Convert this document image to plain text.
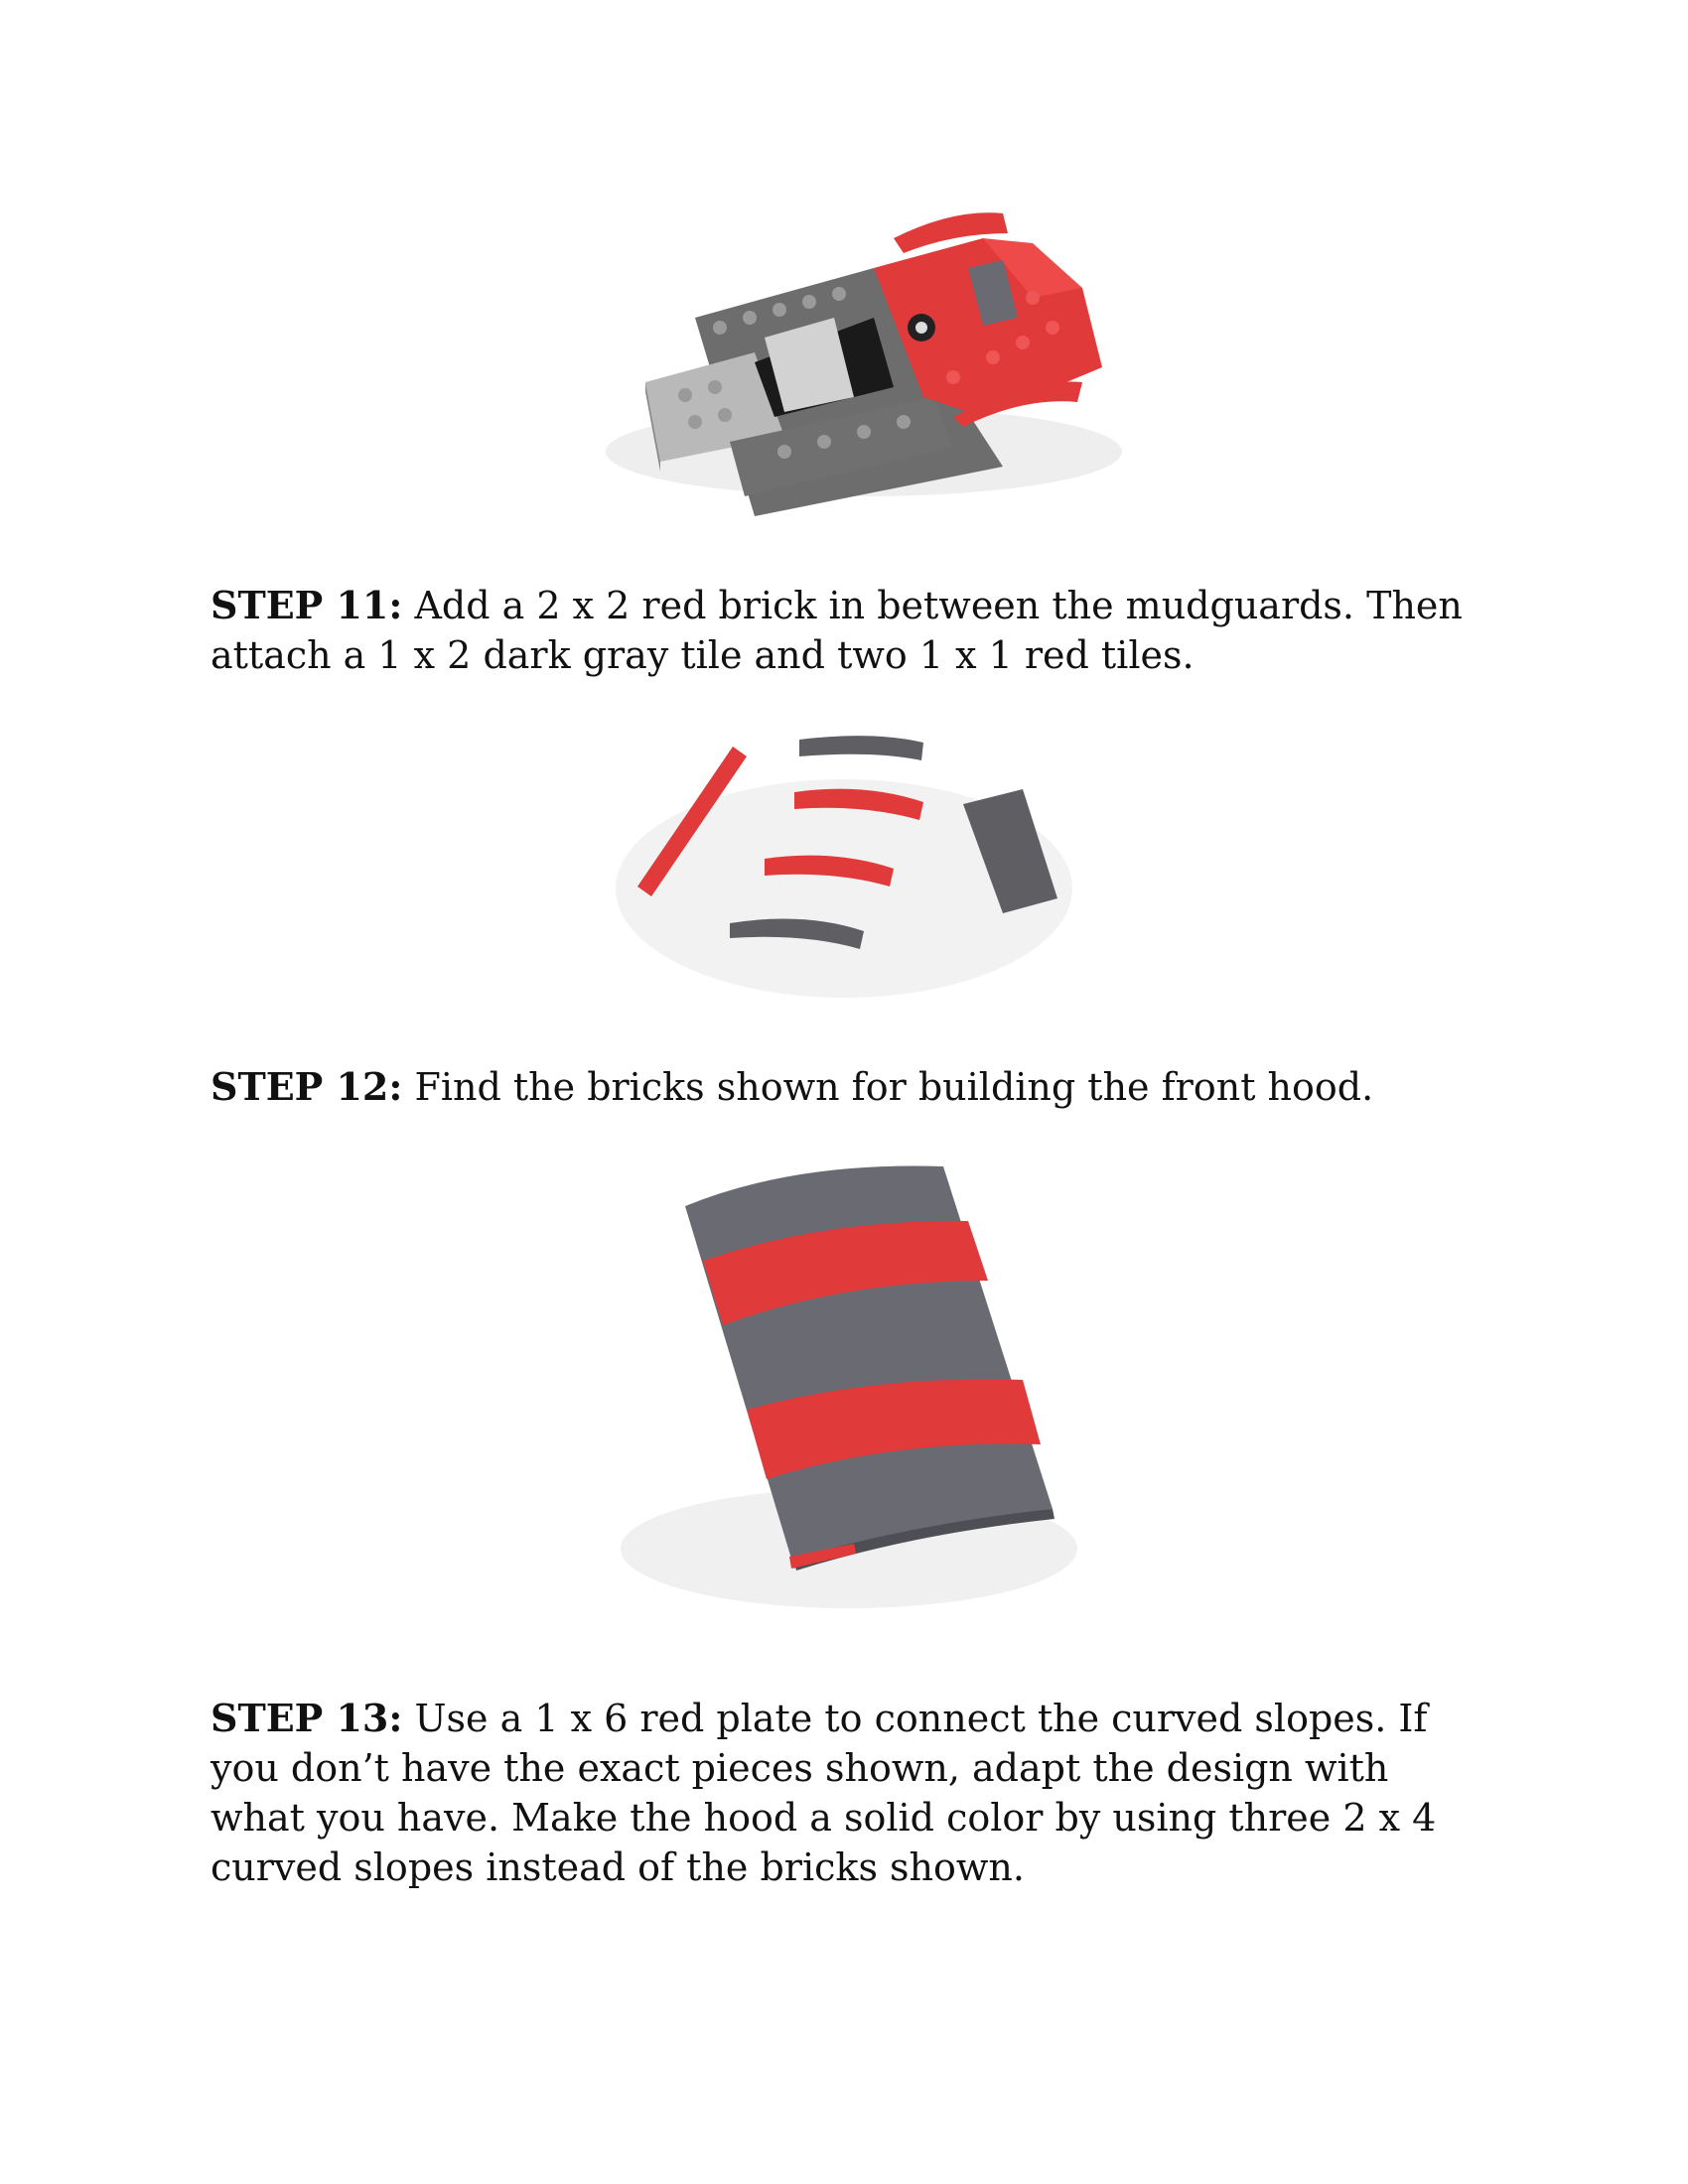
STEP 11: Add a 2 x 2 red brick in between the mudguards. Then attach a 1 x 2 dark gray tile and two 1 x 1 red tiles.

STEP 12: Find the bricks shown for building the front hood.

STEP 13: Use a 1 x 6 red plate to connect the curved slopes. If you don’t have the exact pieces shown, adapt the design with what you have. Make the hood a solid color by using three 2 x 4 curved slopes instead of the bricks shown.
